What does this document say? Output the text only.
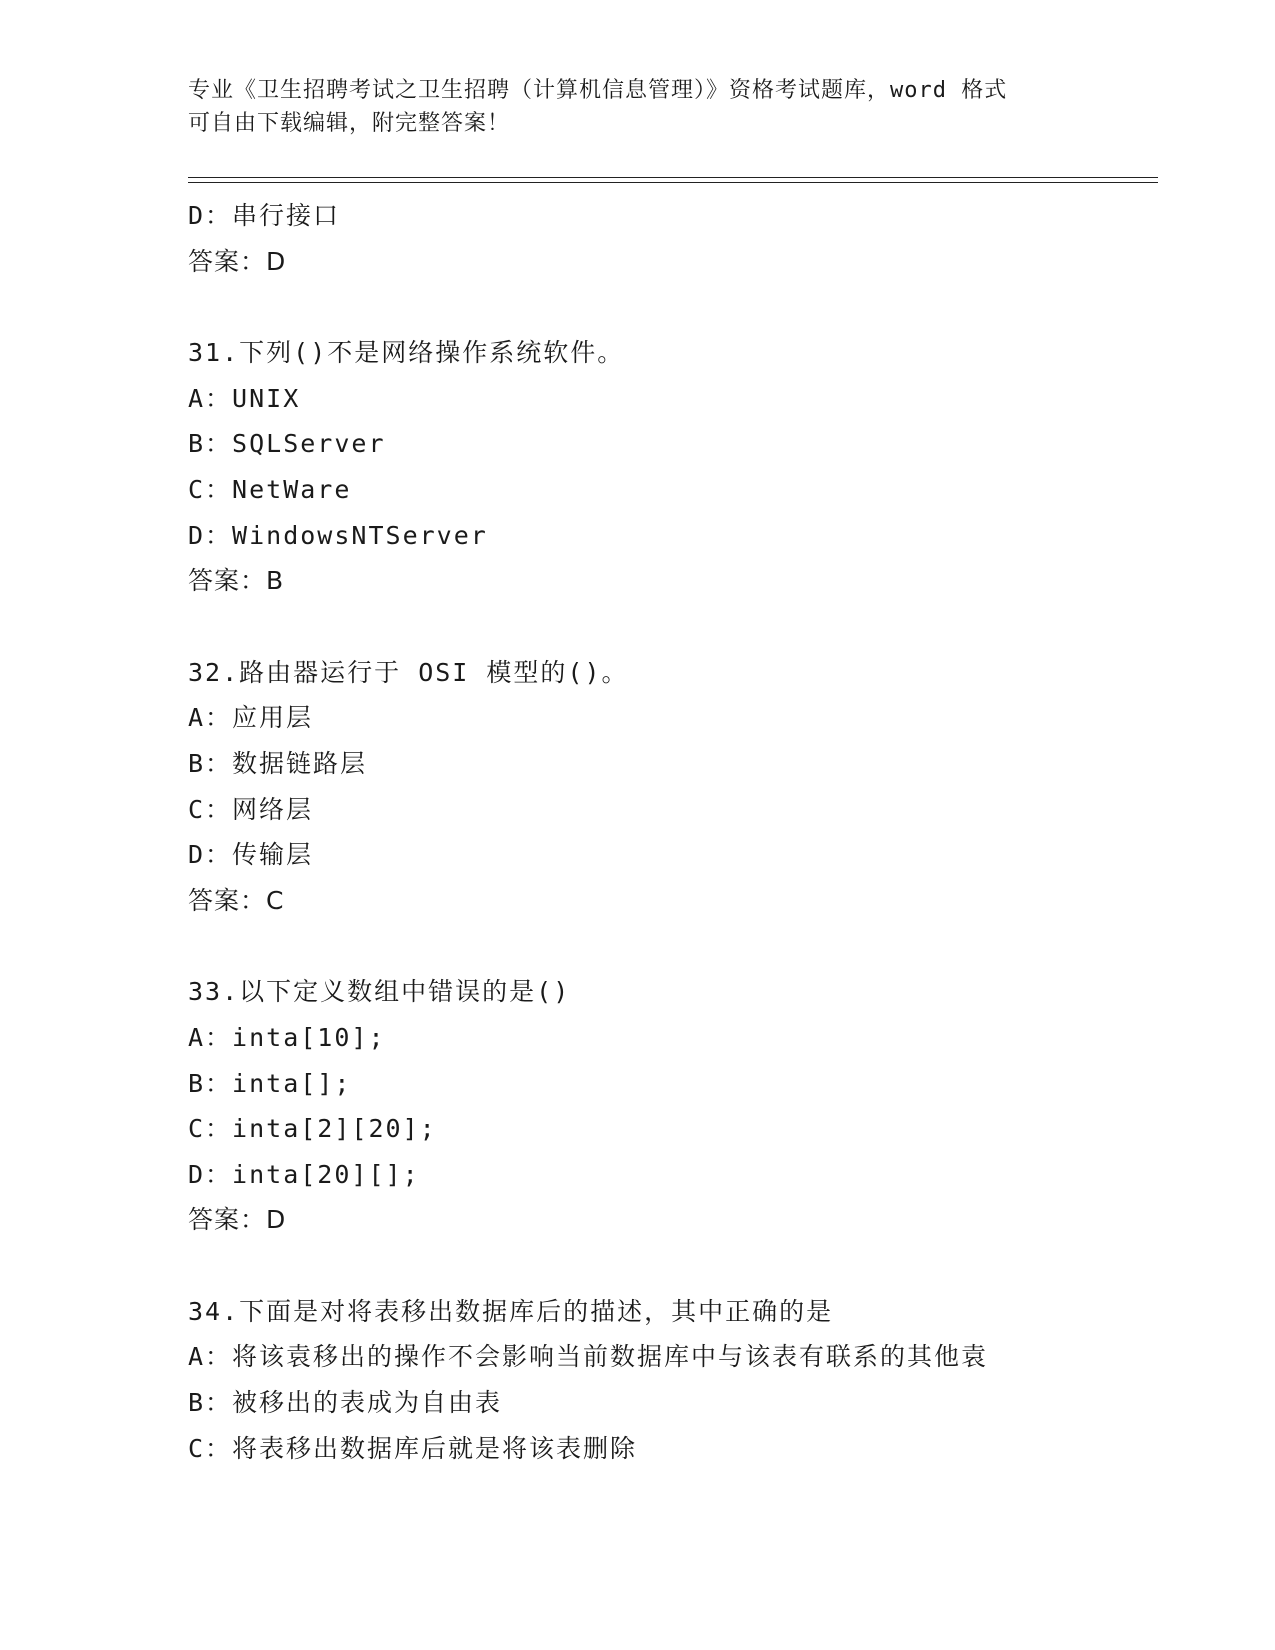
专业《卫生招聘考试之卫生招聘（计算机信息管理）》资格考试题库，word 格式
可自由下载编辑，附完整答案！
D：串行接口
答案：D
31.下列()不是网络操作系统软件。
A：UNIX
B：SQLServer
C：NetWare
D：WindowsNTServer
答案：B
32.路由器运行于 OSI 模型的()。
A：应用层
B：数据链路层
C：网络层
D：传输层
答案：C
33.以下定义数组中错误的是()
A：inta[10];
B：inta[];
C：inta[2][20];
D：inta[20][];
答案：D
34.下面是对将表移出数据库后的描述，其中正确的是
A：将该袁移出的操作不会影响当前数据库中与该表有联系的其他袁
B：被移出的表成为自由表
C：将表移出数据库后就是将该表删除
